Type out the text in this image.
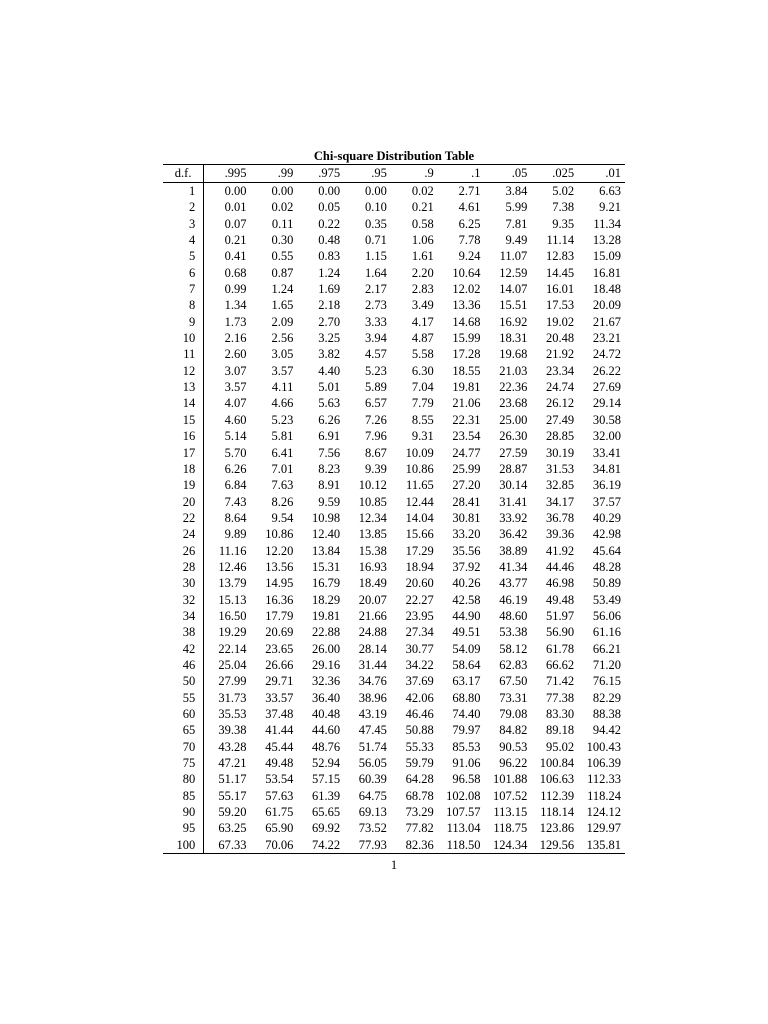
Chi-square Distribution Table
d.f.	.995	.99	.975	.95	.9	.1	.05	.025	.01
1	0.00	0.00	0.00	0.00	0.02	2.71	3.84	5.02	6.63
2	0.01	0.02	0.05	0.10	0.21	4.61	5.99	7.38	9.21
3	0.07	0.11	0.22	0.35	0.58	6.25	7.81	9.35	11.34
4	0.21	0.30	0.48	0.71	1.06	7.78	9.49	11.14	13.28
5	0.41	0.55	0.83	1.15	1.61	9.24	11.07	12.83	15.09
6	0.68	0.87	1.24	1.64	2.20	10.64	12.59	14.45	16.81
7	0.99	1.24	1.69	2.17	2.83	12.02	14.07	16.01	18.48
8	1.34	1.65	2.18	2.73	3.49	13.36	15.51	17.53	20.09
9	1.73	2.09	2.70	3.33	4.17	14.68	16.92	19.02	21.67
10	2.16	2.56	3.25	3.94	4.87	15.99	18.31	20.48	23.21
11	2.60	3.05	3.82	4.57	5.58	17.28	19.68	21.92	24.72
12	3.07	3.57	4.40	5.23	6.30	18.55	21.03	23.34	26.22
13	3.57	4.11	5.01	5.89	7.04	19.81	22.36	24.74	27.69
14	4.07	4.66	5.63	6.57	7.79	21.06	23.68	26.12	29.14
15	4.60	5.23	6.26	7.26	8.55	22.31	25.00	27.49	30.58
16	5.14	5.81	6.91	7.96	9.31	23.54	26.30	28.85	32.00
17	5.70	6.41	7.56	8.67	10.09	24.77	27.59	30.19	33.41
18	6.26	7.01	8.23	9.39	10.86	25.99	28.87	31.53	34.81
19	6.84	7.63	8.91	10.12	11.65	27.20	30.14	32.85	36.19
20	7.43	8.26	9.59	10.85	12.44	28.41	31.41	34.17	37.57
22	8.64	9.54	10.98	12.34	14.04	30.81	33.92	36.78	40.29
24	9.89	10.86	12.40	13.85	15.66	33.20	36.42	39.36	42.98
26	11.16	12.20	13.84	15.38	17.29	35.56	38.89	41.92	45.64
28	12.46	13.56	15.31	16.93	18.94	37.92	41.34	44.46	48.28
30	13.79	14.95	16.79	18.49	20.60	40.26	43.77	46.98	50.89
32	15.13	16.36	18.29	20.07	22.27	42.58	46.19	49.48	53.49
34	16.50	17.79	19.81	21.66	23.95	44.90	48.60	51.97	56.06
38	19.29	20.69	22.88	24.88	27.34	49.51	53.38	56.90	61.16
42	22.14	23.65	26.00	28.14	30.77	54.09	58.12	61.78	66.21
46	25.04	26.66	29.16	31.44	34.22	58.64	62.83	66.62	71.20
50	27.99	29.71	32.36	34.76	37.69	63.17	67.50	71.42	76.15
55	31.73	33.57	36.40	38.96	42.06	68.80	73.31	77.38	82.29
60	35.53	37.48	40.48	43.19	46.46	74.40	79.08	83.30	88.38
65	39.38	41.44	44.60	47.45	50.88	79.97	84.82	89.18	94.42
70	43.28	45.44	48.76	51.74	55.33	85.53	90.53	95.02	100.43
75	47.21	49.48	52.94	56.05	59.79	91.06	96.22	100.84	106.39
80	51.17	53.54	57.15	60.39	64.28	96.58	101.88	106.63	112.33
85	55.17	57.63	61.39	64.75	68.78	102.08	107.52	112.39	118.24
90	59.20	61.75	65.65	69.13	73.29	107.57	113.15	118.14	124.12
95	63.25	65.90	69.92	73.52	77.82	113.04	118.75	123.86	129.97
100	67.33	70.06	74.22	77.93	82.36	118.50	124.34	129.56	135.81
1
